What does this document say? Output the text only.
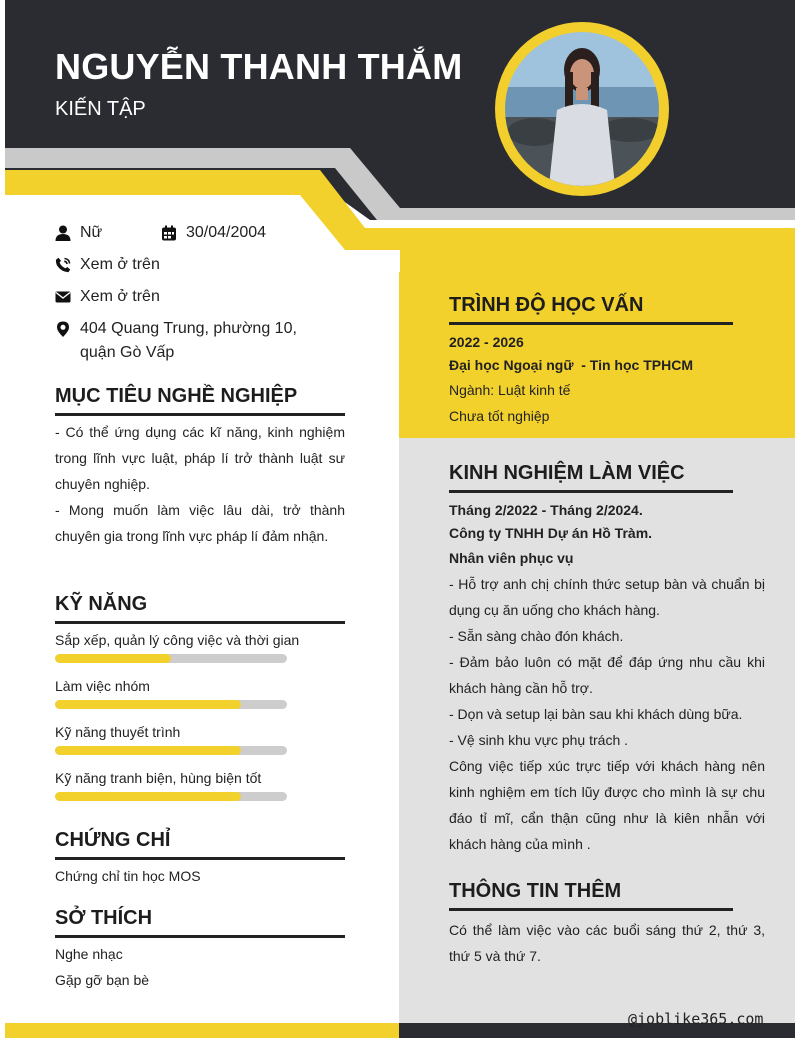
NGUYỄN THANH THẮM
KIẾN TẬP
Nữ	30/04/2004
Xem ở trên
Xem ở trên
404 Quang Trung, phường 10,
quận Gò Vấp
MỤC TIÊU NGHỀ NGHIỆP
- Có thể ứng dụng các kĩ năng, kinh nghiệm trong lĩnh vực luật, pháp lí trở thành luật sư chuyên nghiệp.
- Mong muốn làm việc lâu dài, trở thành chuyên gia trong lĩnh vực pháp lí đảm nhận.
KỸ NĂNG
Sắp xếp, quản lý công việc và thời gian
Làm việc nhóm
Kỹ năng thuyết trình
Kỹ năng tranh biện, hùng biện tốt
CHỨNG CHỈ
Chứng chỉ tin học MOS
SỞ THÍCH
Nghe nhạc
Gặp gỡ bạn bè
TRÌNH ĐỘ HỌC VẤN
2022 - 2026
Đại học Ngoại ngữ  - Tin học TPHCM
Ngành: Luật kinh tế
Chưa tốt nghiệp
KINH NGHIỆM LÀM VIỆC
Tháng 2/2022 - Tháng 2/2024.
Công ty TNHH Dự án Hồ Tràm.
Nhân viên phục vụ
- Hỗ trợ anh chị chính thức setup bàn và chuẩn bị dụng cụ ăn uống cho khách hàng.
- Sẵn sàng chào đón khách.
- Đảm bảo luôn có mặt để đáp ứng nhu cầu khi khách hàng cần hỗ trợ.
- Dọn và setup lại bàn sau khi khách dùng bữa.
- Vệ sinh khu vực phụ trách .
Công việc tiếp xúc trực tiếp với khách hàng nên kinh nghiệm em tích lũy được cho mình là sự chu đáo tỉ mĩ, cẩn thận cũng như là kiên nhẫn với khách hàng của mình .
THÔNG TIN THÊM
Có thể làm việc vào các buổi sáng thứ 2, thứ 3, thứ 5 và thứ 7.
@joblike365.com
